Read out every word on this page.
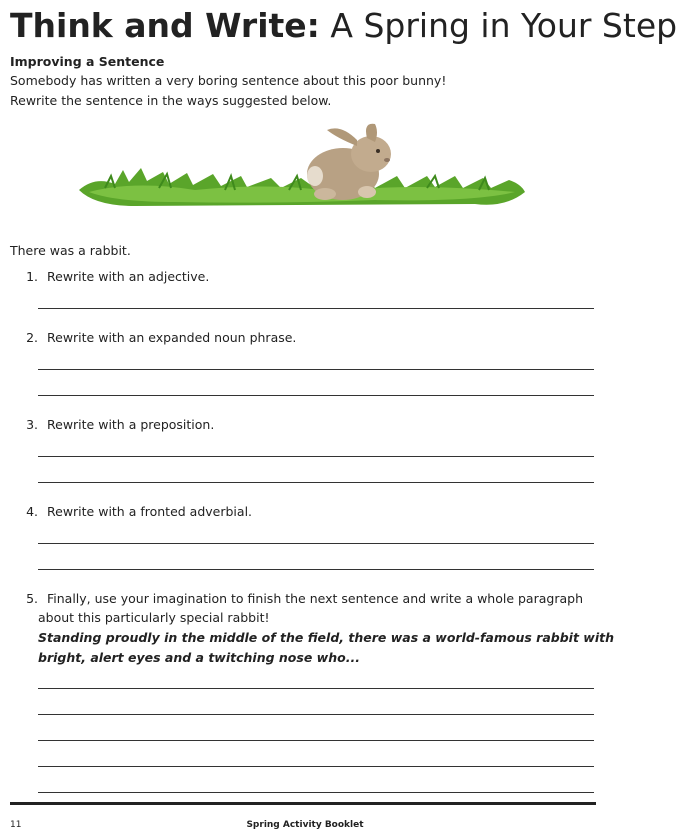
Think and Write: A Spring in Your Step
Improving a Sentence
Somebody has written a very boring sentence about this poor bunny!
Rewrite the sentence in the ways suggested below.
There was a rabbit.
1. Rewrite with an adjective.
2. Rewrite with an expanded noun phrase.
3. Rewrite with a preposition.
4. Rewrite with a fronted adverbial.
5. Finally, use your imagination to finish the next sentence and write a whole paragraph
about this particularly special rabbit!
Standing proudly in the middle of the field, there was a world-famous rabbit with
bright, alert eyes and a twitching nose who...
11	Spring Activity Booklet
